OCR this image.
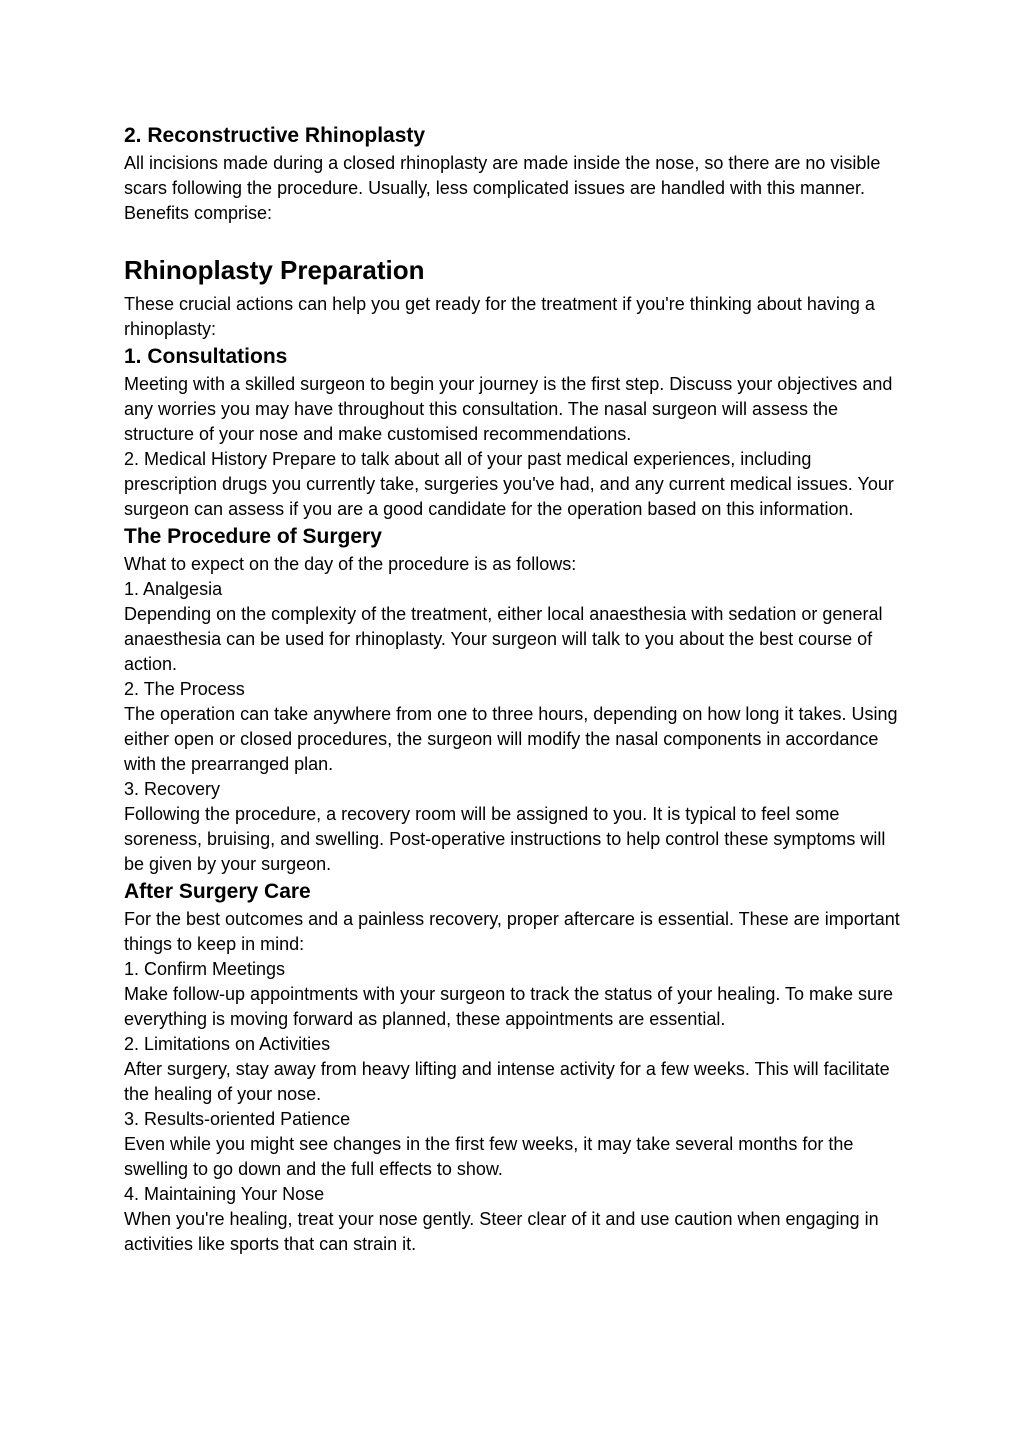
2. Reconstructive Rhinoplasty

All incisions made during a closed rhinoplasty are made inside the nose, so there are no visible scars following the procedure. Usually, less complicated issues are handled with this manner. Benefits comprise:

Rhinoplasty Preparation

These crucial actions can help you get ready for the treatment if you're thinking about having a rhinoplasty:

1. Consultations

Meeting with a skilled surgeon to begin your journey is the first step. Discuss your objectives and any worries you may have throughout this consultation. The nasal surgeon will assess the structure of your nose and make customised recommendations.

2. Medical History Prepare to talk about all of your past medical experiences, including prescription drugs you currently take, surgeries you've had, and any current medical issues. Your surgeon can assess if you are a good candidate for the operation based on this information.

The Procedure of Surgery

What to expect on the day of the procedure is as follows:

1. Analgesia

Depending on the complexity of the treatment, either local anaesthesia with sedation or general anaesthesia can be used for rhinoplasty. Your surgeon will talk to you about the best course of action.

2. The Process

The operation can take anywhere from one to three hours, depending on how long it takes. Using either open or closed procedures, the surgeon will modify the nasal components in accordance with the prearranged plan.

3. Recovery

Following the procedure, a recovery room will be assigned to you. It is typical to feel some soreness, bruising, and swelling. Post-operative instructions to help control these symptoms will be given by your surgeon.

After Surgery Care

For the best outcomes and a painless recovery, proper aftercare is essential. These are important things to keep in mind:

1. Confirm Meetings

Make follow-up appointments with your surgeon to track the status of your healing. To make sure everything is moving forward as planned, these appointments are essential.

2. Limitations on Activities

After surgery, stay away from heavy lifting and intense activity for a few weeks. This will facilitate the healing of your nose.

3. Results-oriented Patience

Even while you might see changes in the first few weeks, it may take several months for the swelling to go down and the full effects to show.

4. Maintaining Your Nose

When you're healing, treat your nose gently. Steer clear of it and use caution when engaging in activities like sports that can strain it.
